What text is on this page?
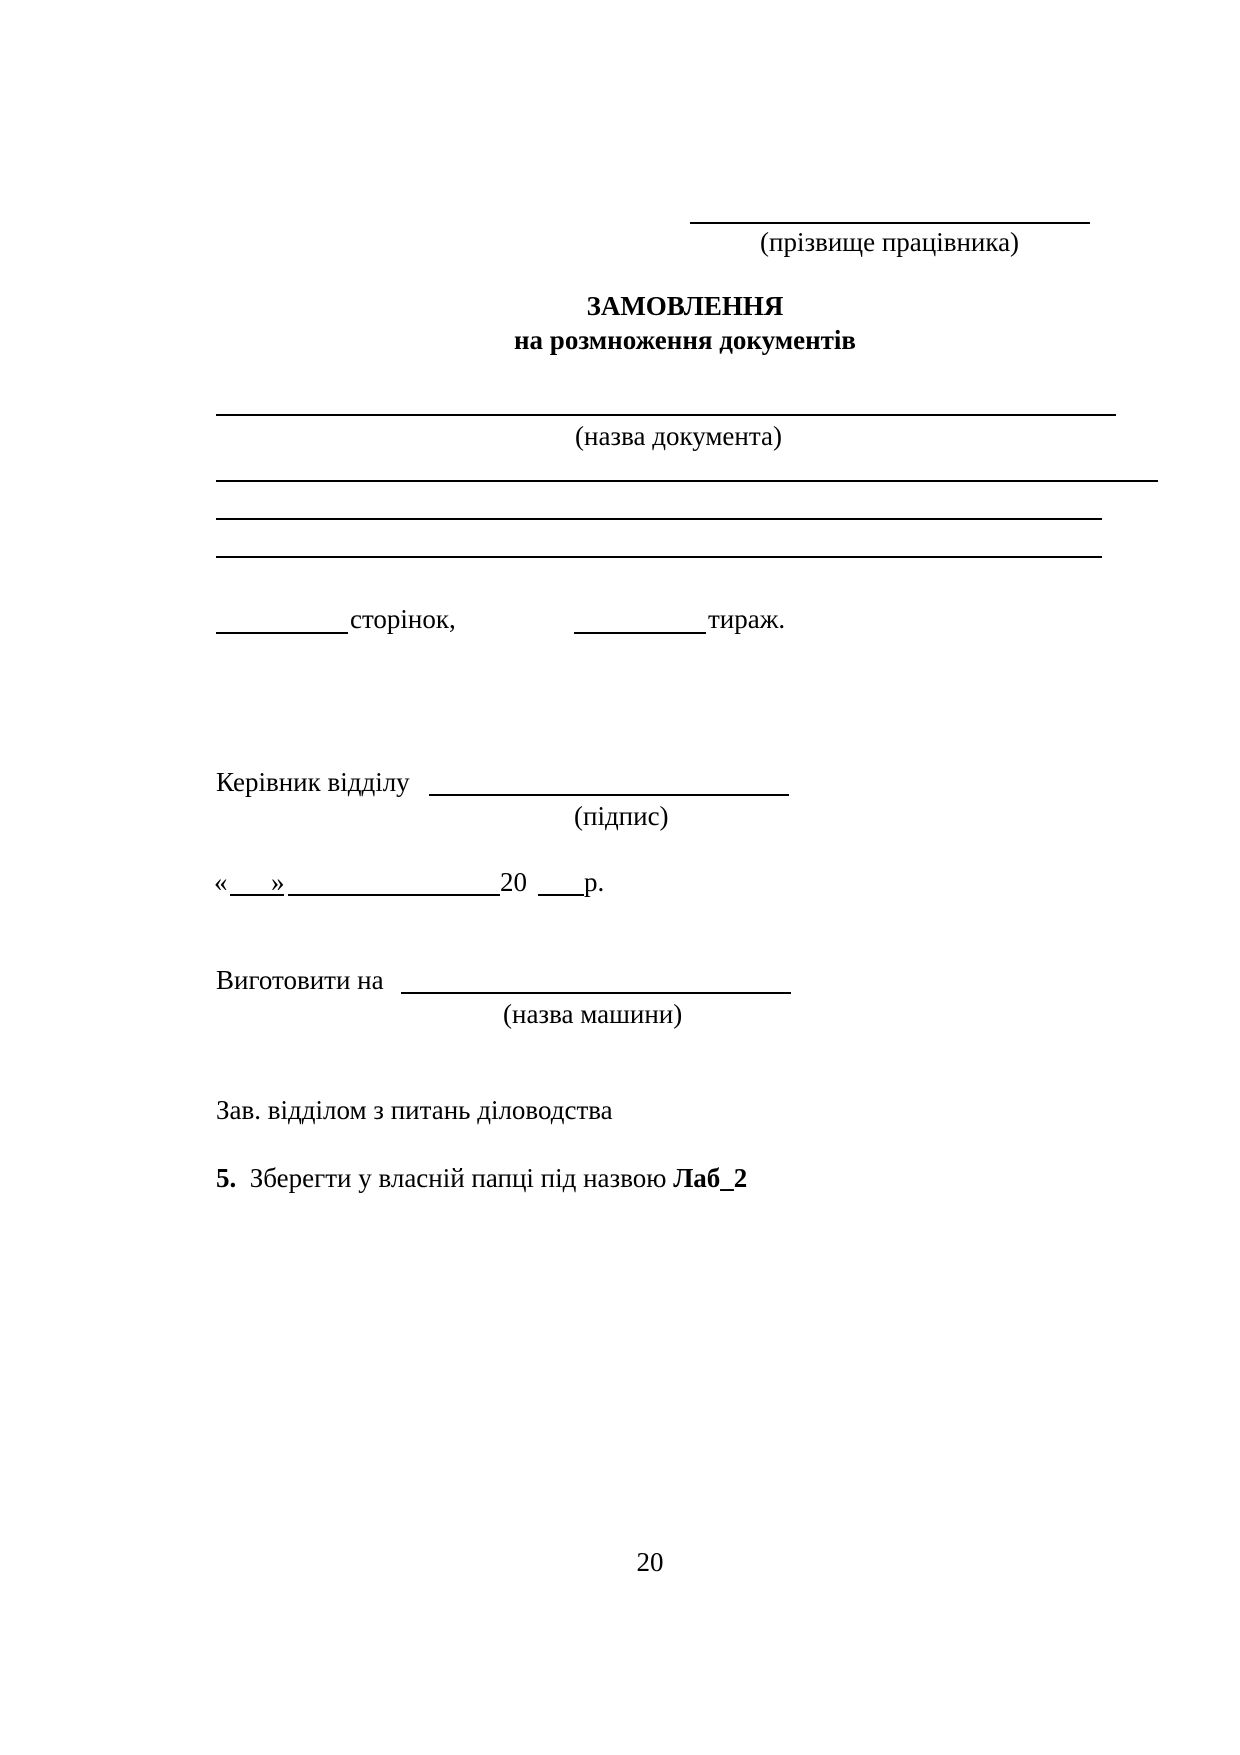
(прізвище працівника)
ЗАМОВЛЕННЯ
на розмноження документів
(назва документа)
сторінок,	тираж.
Керівник відділу
(підпис)
« »	20 р.
Виготовити на
(назва машини)
Зав. відділом з питань діловодства
5. Зберегти у власній папці під назвою Лаб_2
20
